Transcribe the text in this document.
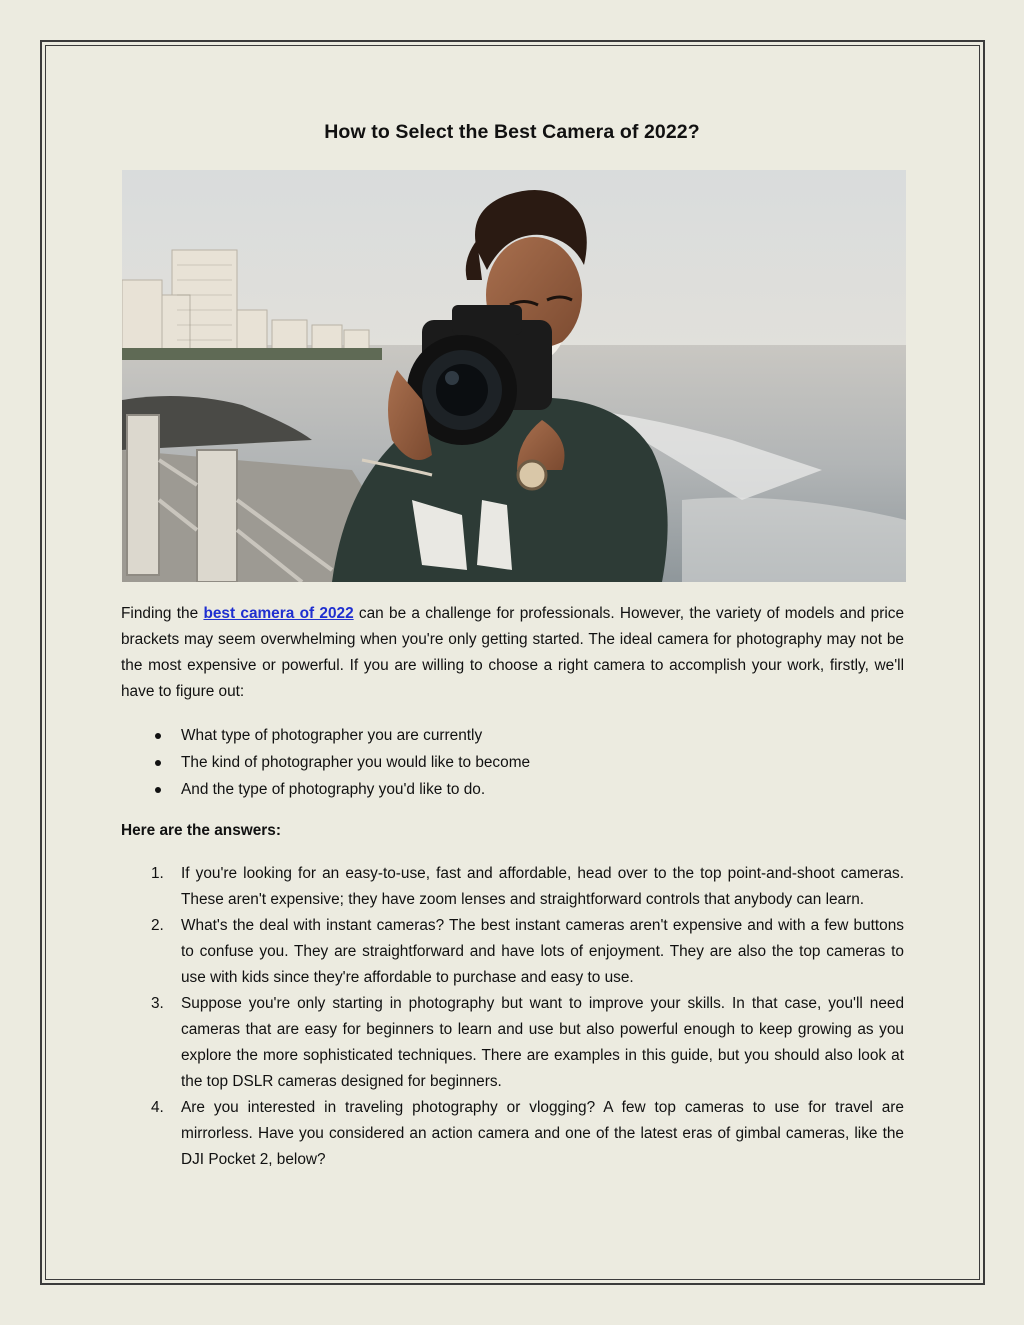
How to Select the Best Camera of 2022?
Finding the best camera of 2022 can be a challenge for professionals. However, the variety of models and price brackets may seem overwhelming when you're only getting started. The ideal camera for photography may not be the most expensive or powerful. If you are willing to choose a right camera to accomplish your work, firstly, we'll have to figure out:
What type of photographer you are currently
The kind of photographer you would like to become
And the type of photography you'd like to do.
Here are the answers:
1. If you're looking for an easy-to-use, fast and affordable, head over to the top point-and-shoot cameras. These aren't expensive; they have zoom lenses and straightforward controls that anybody can learn.
2. What's the deal with instant cameras? The best instant cameras aren't expensive and with a few buttons to confuse you. They are straightforward and have lots of enjoyment. They are also the top cameras to use with kids since they're affordable to purchase and easy to use.
3. Suppose you're only starting in photography but want to improve your skills. In that case, you'll need cameras that are easy for beginners to learn and use but also powerful enough to keep growing as you explore the more sophisticated techniques. There are examples in this guide, but you should also look at the top DSLR cameras designed for beginners.
4. Are you interested in traveling photography or vlogging? A few top cameras to use for travel are mirrorless. Have you considered an action camera and one of the latest eras of gimbal cameras, like the DJI Pocket 2, below?
